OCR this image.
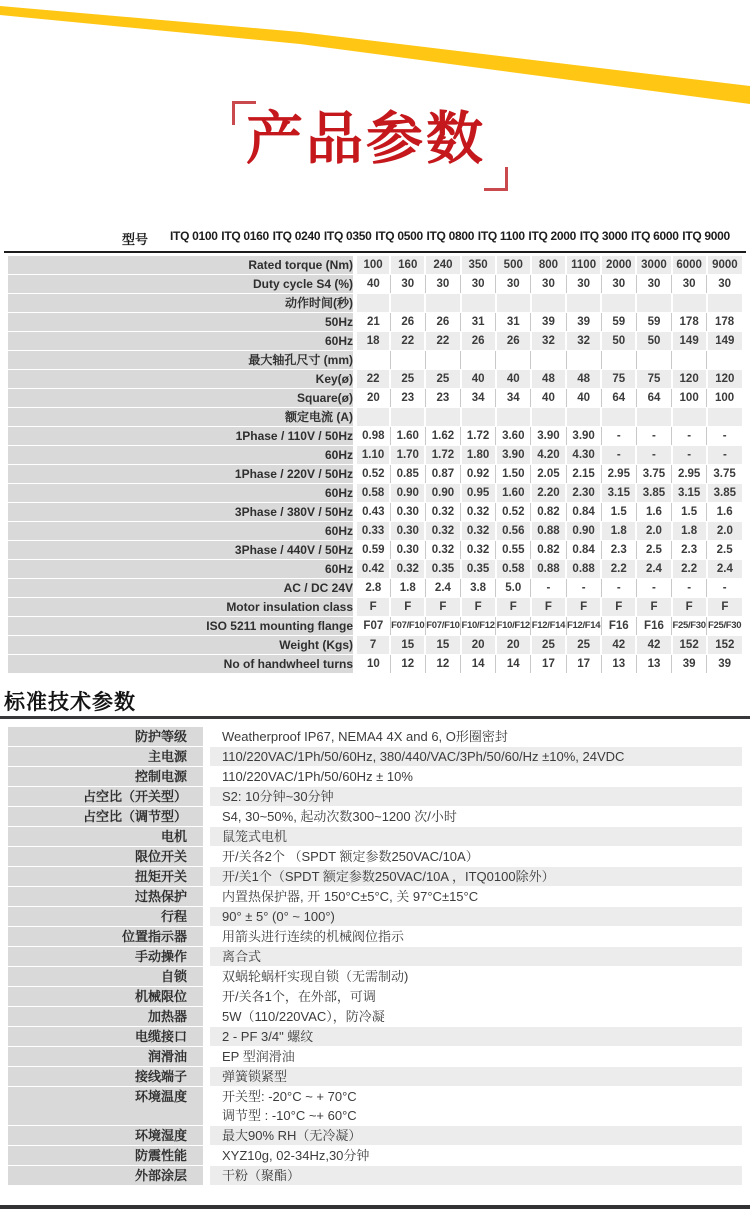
产品参数
型号 ITQ 0100 ITQ 0160 ITQ 0240 ITQ 0350 ITQ 0500 ITQ 0800 ITQ 1100 ITQ 2000 ITQ 3000 ITQ 6000 ITQ 9000
Rated torque (Nm)	100	160	240	350	500	800	1100	2000	3000	6000	9000
Duty cycle S4 (%)	40	30	30	30	30	30	30	30	30	30	30
动作时间(秒)											
50Hz	21	26	26	31	31	39	39	59	59	178	178
60Hz	18	22	22	26	26	32	32	50	50	149	149
最大轴孔尺寸 (mm)											
Key(ø)	22	25	25	40	40	48	48	75	75	120	120
Square(ø)	20	23	23	34	34	40	40	64	64	100	100
额定电流 (A)											
1Phase / 110V / 50Hz	0.98	1.60	1.62	1.72	3.60	3.90	3.90	-	-	-	-
60Hz	1.10	1.70	1.72	1.80	3.90	4.20	4.30	-	-	-	-
1Phase / 220V / 50Hz	0.52	0.85	0.87	0.92	1.50	2.05	2.15	2.95	3.75	2.95	3.75
60Hz	0.58	0.90	0.90	0.95	1.60	2.20	2.30	3.15	3.85	3.15	3.85
3Phase / 380V / 50Hz	0.43	0.30	0.32	0.32	0.52	0.82	0.84	1.5	1.6	1.5	1.6
60Hz	0.33	0.30	0.32	0.32	0.56	0.88	0.90	1.8	2.0	1.8	2.0
3Phase / 440V / 50Hz	0.59	0.30	0.32	0.32	0.55	0.82	0.84	2.3	2.5	2.3	2.5
60Hz	0.42	0.32	0.35	0.35	0.58	0.88	0.88	2.2	2.4	2.2	2.4
AC / DC 24V	2.8	1.8	2.4	3.8	5.0	-	-	-	-	-	-
Motor insulation class	F	F	F	F	F	F	F	F	F	F	F
ISO 5211 mounting flange	F07	F07/F10	F07/F10	F10/F12	F10/F12	F12/F14	F12/F14	F16	F16	F25/F30	F25/F30
Weight (Kgs)	7	15	15	20	20	25	25	42	42	152	152
No of handwheel turns	10	12	12	14	14	17	17	13	13	39	39
标准技术参数
防护等级	Weatherproof IP67, NEMA4 4X and 6, O形圈密封
主电源	110/220VAC/1Ph/50/60Hz, 380/440/VAC/3Ph/50/60/Hz ±10%, 24VDC
控制电源	110/220VAC/1Ph/50/60Hz ± 10%
占空比（开关型）	S2: 10分钟~30分钟
占空比（调节型）	S4, 30~50%, 起动次数300~1200 次/小时
电机	鼠笼式电机
限位开关	开/关各2个 （SPDT 额定参数250VAC/10A）
扭矩开关	开/关1个（SPDT 额定参数250VAC/10A ，ITQ0100除外）
过热保护	内置热保护器, 开 150°C±5°C, 关 97°C±15°C
行程	90° ± 5° (0° ~ 100°)
位置指示器	用箭头进行连续的机械阀位指示
手动操作	离合式
自锁	双蜗轮蜗杆实现自锁（无需制动)
机械限位	开/关各1个，在外部，可调
加热器	5W（110/220VAC），防冷凝
电缆接口	2 - PF 3/4" 螺纹
润滑油	EP 型润滑油
接线端子	弹簧锁紧型
环境温度	开关型: -20°C ~ + 70°C
调节型 : -10°C ~+ 60°C
环境湿度	最大90% RH（无冷凝）
防震性能	XYZ10g, 02-34Hz,30分钟
外部涂层	干粉（聚酯）
